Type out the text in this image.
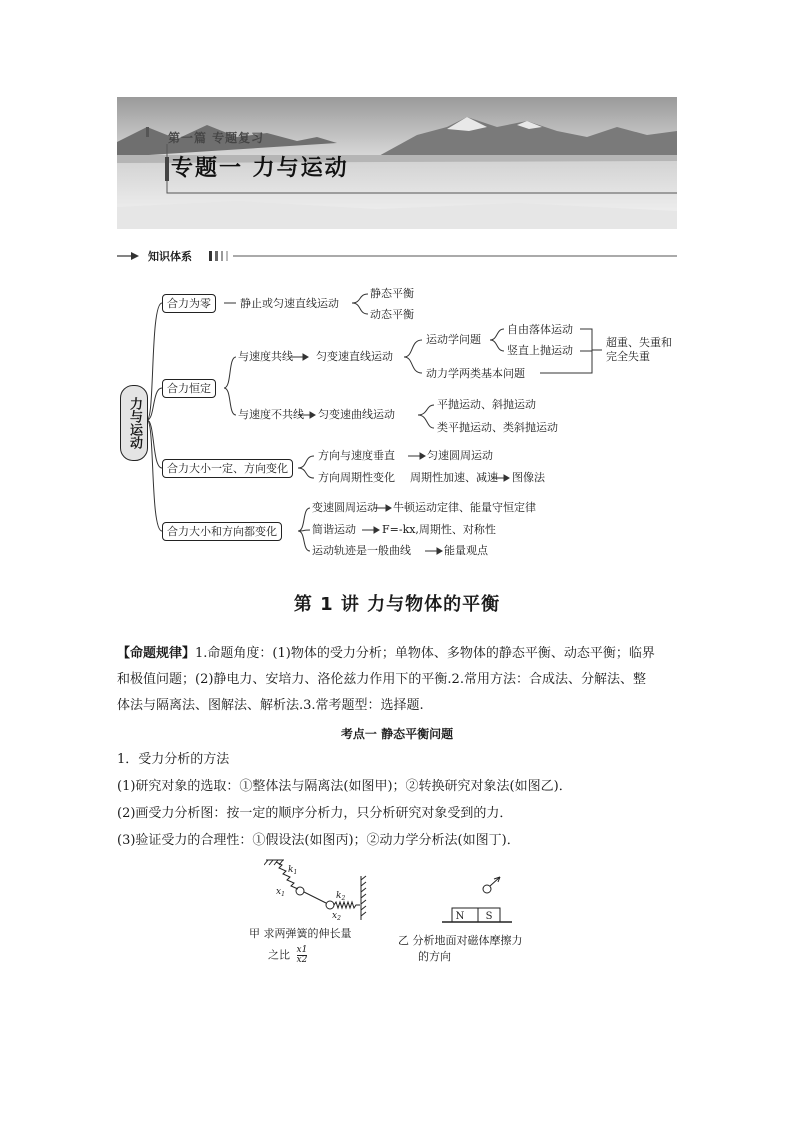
第一篇 专题复习
专题一 力与运动
知识体系
力与运动
合力为零	静止或匀速直线运动
静态平衡
动态平衡
合力恒定
与速度共线 匀变速直线运动
运动学问题
自由落体运动
竖直上抛运动
超重、失重和完全失重
动力学两类基本问题
与速度不共线 匀变速曲线运动
平抛运动、斜抛运动
类平抛运动、类斜抛运动
合力大小一定、方向变化
方向与速度垂直	匀速圆周运动
方向周期性变化 周期性加速、减速 图像法
合力大小和方向都变化
变速圆周运动 牛顿运动定律、能量守恒定律
简谐运动 F=-kx,周期性、对称性
运动轨迹是一般曲线	能量观点
第 1 讲 力与物体的平衡
【命题规律】1.命题角度：(1)物体的受力分析；单物体、多物体的静态平衡、动态平衡；临界
和极值问题；(2)静电力、安培力、洛伦兹力作用下的平衡.2.常用方法：合成法、分解法、整
体法与隔离法、图解法、解析法.3.常考题型：选择题.
考点一 静态平衡问题
1．受力分析的方法
(1)研究对象的选取：①整体法与隔离法(如图甲)；②转换研究对象法(如图乙)．
(2)画受力分析图：按一定的顺序分析力，只分析研究对象受到的力．
(3)验证受力的合理性：①假设法(如图丙)；②动力学分析法(如图丁)．
$k_1$
$x_1$	$k_2$
$x_2$
甲 求两弹簧的伸长量
之比 $\frac{x1}{x2}$
N S
乙 分析地面对磁体摩擦力
的方向
